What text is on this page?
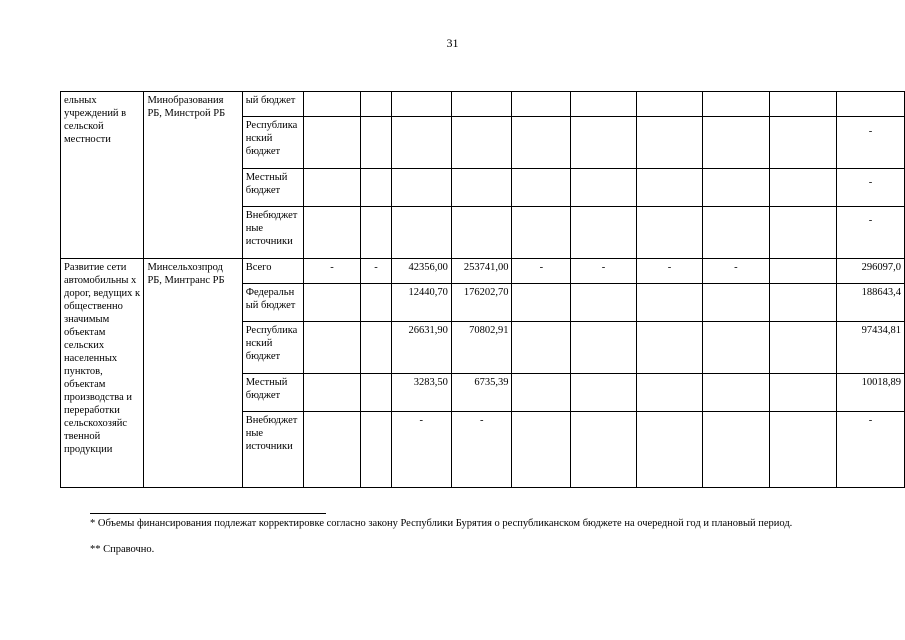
31
ельных учреждений в сельской местности	Минобразования РБ, Минстрой РБ	ый бюджет										
		Республика нский бюджет										-
		Местный бюджет										-
		Внебюджет ные источники										-
Развитие сети автомобильны х дорог, ведущих к общественно значимым объектам сельских населенных пунктов, объектам производства и переработки сельскохозяйс твенной продукции	Минсельхозпрод РБ, Минтранс РБ	Всего	-	-	42356,00	253741,00	-	-	-	-		296097,0
		Федеральн ый бюджет			12440,70	176202,70						188643,4
		Республика нский бюджет			26631,90	70802,91						97434,81
		Местный бюджет			3283,50	6735,39						10018,89
		Внебюджет ные источники			-	-						-
* Объемы финансирования подлежат корректировке согласно закону Республики Бурятия о республиканском бюджете на очередной год и плановый период.
** Справочно.
